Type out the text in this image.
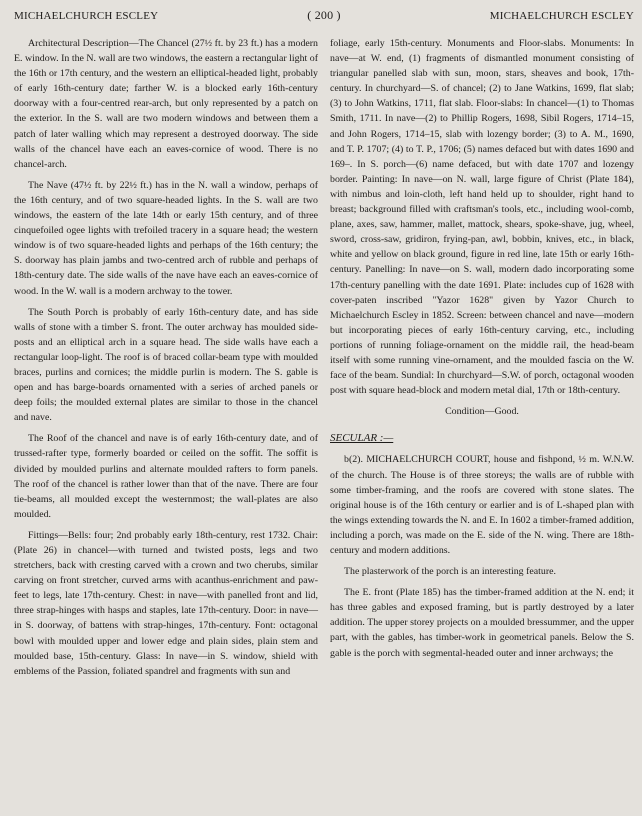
MICHAELCHURCH ESCLEY	( 200 )	MICHAELCHURCH ESCLEY

Architectural Description—The Chancel (27½ ft. by 23 ft.) has a modern E. window. In the N. wall are two windows, the eastern a rectangular light of the 16th or 17th century, and the western an elliptical-headed light, probably of early 16th-century date; farther W. is a blocked early 16th-century doorway with a four-centred rear-arch, but only represented by a patch on the exterior. In the S. wall are two modern windows and between them a patch of later walling which may represent a destroyed doorway. The side walls of the chancel have each an eaves-cornice of wood. There is no chancel-arch.

The Nave (47½ ft. by 22½ ft.) has in the N. wall a window, perhaps of the 16th century, and of two square-headed lights. In the S. wall are two windows, the eastern of the late 14th or early 15th century, and of three cinquefoiled ogee lights with trefoiled tracery in a square head; the western window is of two square-headed lights and perhaps of the 16th century; the S. doorway has plain jambs and two-centred arch of rubble and perhaps of 18th-century date. The side walls of the nave have each an eaves-cornice of wood. In the W. wall is a modern archway to the tower.

The South Porch is probably of early 16th-century date, and has side walls of stone with a timber S. front. The outer archway has moulded side-posts and an elliptical arch in a square head. The side walls have each a rectangular loop-light. The roof is of braced collar-beam type with moulded braces, purlins and cornices; the middle purlin is modern. The S. gable is open and has barge-boards ornamented with a series of arched panels or deep foils; the moulded external plates are similar to those in the chancel and nave.

The Roof of the chancel and nave is of early 16th-century date, and of trussed-rafter type, formerly boarded or ceiled on the soffit. The soffit is divided by moulded purlins and alternate moulded rafters to form panels. The roof of the chancel is rather lower than that of the nave. There are four tie-beams, all moulded except the westernmost; the wall-plates are also moulded.

Fittings—Bells: four; 2nd probably early 18th-century, rest 1732. Chair: (Plate 26) in chancel—with turned and twisted posts, legs and two stretchers, back with cresting carved with a crown and two cherubs, similar carving on front stretcher, curved arms with acanthus-enrichment and paw-feet to legs, late 17th-century. Chest: in nave—with panelled front and lid, three strap-hinges with hasps and staples, late 17th-century. Door: in nave—in S. doorway, of battens with strap-hinges, 17th-century. Font: octagonal bowl with moulded upper and lower edge and plain sides, plain stem and moulded base, 15th-century. Glass: In nave—in S. window, shield with emblems of the Passion, foliated spandrel and fragments with sun and

foliage, early 15th-century. Monuments and Floor-slabs. Monuments: In nave—at W. end, (1) fragments of dismantled monument consisting of triangular panelled slab with sun, moon, stars, sheaves and book, 17th-century. In churchyard—S. of chancel; (2) to Jane Watkins, 1699, flat slab; (3) to John Watkins, 1711, flat slab. Floor-slabs: In chancel—(1) to Thomas Smith, 1711. In nave—(2) to Phillip Rogers, 1698, Sibil Rogers, 1714–15, and John Rogers, 1714–15, slab with lozengy border; (3) to A. M., 1690, and T. P. 1707; (4) to T. P., 1706; (5) names defaced but with dates 1690 and 169–. In S. porch—(6) name defaced, but with date 1707 and lozengy border. Painting: In nave—on N. wall, large figure of Christ (Plate 184), with nimbus and loin-cloth, left hand held up to shoulder, right hand to breast; background filled with craftsman's tools, etc., including wool-comb, plane, axes, saw, hammer, mallet, mattock, shears, spoke-shave, jug, wheel, sword, cross-saw, gridiron, frying-pan, awl, bobbin, knives, etc., in black, white and yellow on black ground, figure in red line, late 15th or early 16th-century. Panelling: In nave—on S. wall, modern dado incorporating some 17th-century panelling with the date 1691. Plate: includes cup of 1628 with cover-paten inscribed "Yazor 1628" given by Yazor Church to Michaelchurch Escley in 1852. Screen: between chancel and nave—modern but incorporating pieces of early 16th-century carving, etc., including portions of running foliage-ornament on the middle rail, the head-beam itself with some running vine-ornament, and the moulded fascia on the W. face of the beam. Sundial: In churchyard—S.W. of porch, octagonal wooden post with square head-block and modern metal dial, 17th or 18th-century.

Condition—Good.

SECULAR :—

b(2). MICHAELCHURCH COURT, house and fishpond, ½ m. W.N.W. of the church. The House is of three storeys; the walls are of rubble with some timber-framing, and the roofs are covered with stone slates. The original house is of the 16th century or earlier and is of L-shaped plan with the wings extending towards the N. and E. In 1602 a timber-framed addition, including a porch, was made on the E. side of the N. wing. There are 18th-century and modern additions.

The plasterwork of the porch is an interesting feature.

The E. front (Plate 185) has the timber-framed addition at the N. end; it has three gables and exposed framing, but is partly destroyed by a later addition. The upper storey projects on a moulded bressummer, and the upper part, with the gables, has timber-work in geometrical panels. Below the S. gable is the porch with segmental-headed outer and inner archways; the
